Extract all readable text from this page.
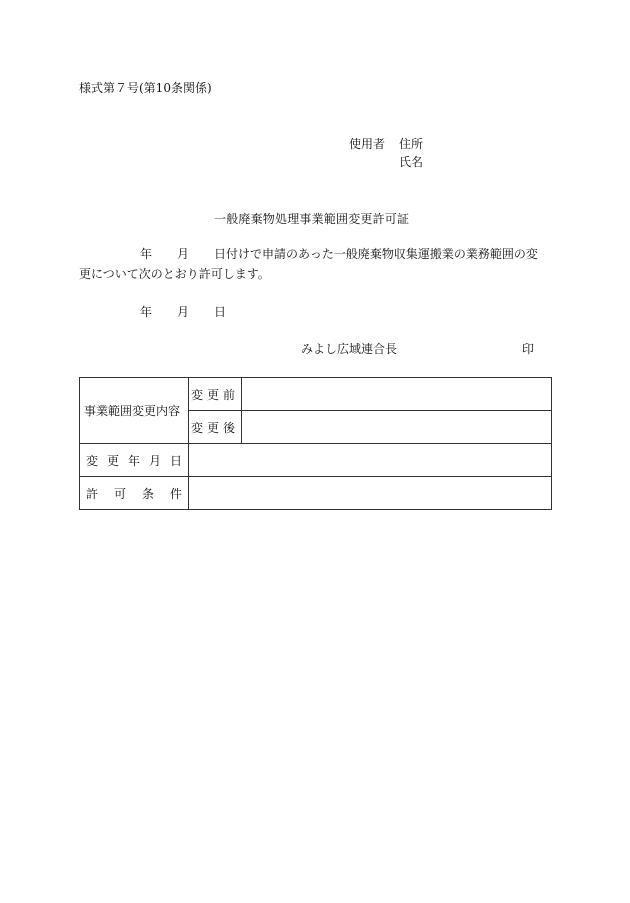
様式第７号(第10条関係)
使用者 住所
氏名
一般廃棄物処理事業範囲変更許可証
年	月	日付けで申請のあった一般廃棄物収集運搬業の業務範囲の変
更について次のとおり許可します。
年	月	日
みよし広域連合長	印
事業範囲変更内容	変更前	
	変更後	

変 更 年 月 日		

許 可 条 件		
